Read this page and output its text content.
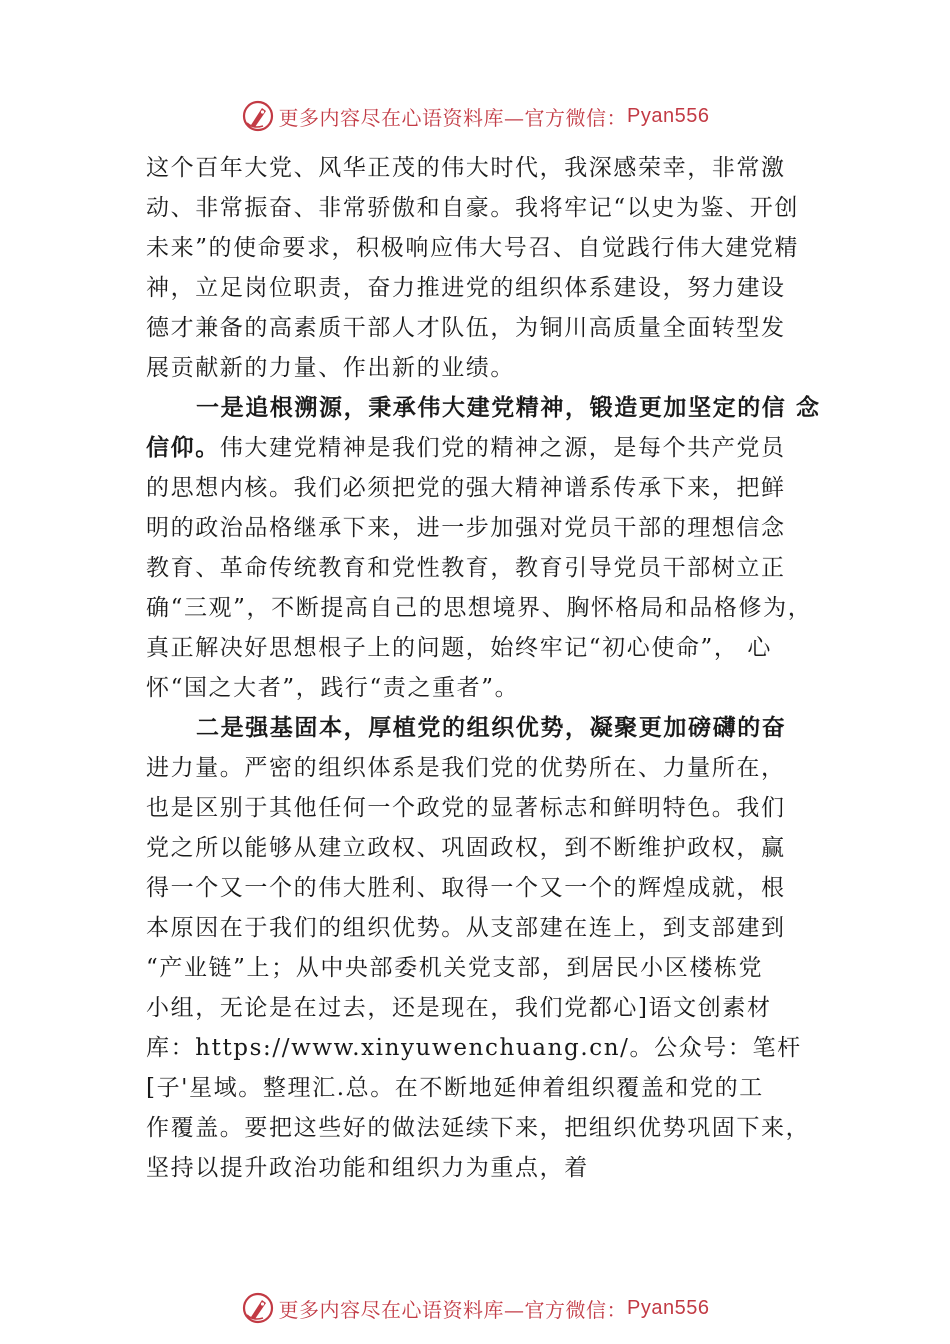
更多内容尽在心语资料库—官方微信： Pyan556
这个百年大党、风华正茂的伟大时代，我深感荣幸，非常激
动、非常振奋、非常骄傲和自豪。我将牢记“以史为鉴、开创
未来”的使命要求，积极响应伟大号召、自觉践行伟大建党精
神，立足岗位职责，奋力推进党的组织体系建设，努力建设
德才兼备的高素质干部人才队伍，为铜川高质量全面转型发
展贡献新的力量、作出新的业绩。
一是追根溯源，秉承伟大建党精神，锻造更加坚定的信 念
信仰。伟大建党精神是我们党的精神之源，是每个共产党员
的思想内核。我们必须把党的强大精神谱系传承下来，把鲜
明的政治品格继承下来，进一步加强对党员干部的理想信念
教育、革命传统教育和党性教育，教育引导党员干部树立正
确“三观”，不断提高自己的思想境界、胸怀格局和品格修为，
真正解决好思想根子上的问题，始终牢记“初心使命”， 心
怀“国之大者”，践行“责之重者”。
二是强基固本，厚植党的组织优势，凝聚更加磅礴的奋
进力量。严密的组织体系是我们党的优势所在、力量所在，
也是区别于其他任何一个政党的显著标志和鲜明特色。我们
党之所以能够从建立政权、巩固政权，到不断维护政权，赢
得一个又一个的伟大胜利、取得一个又一个的辉煌成就，根
本原因在于我们的组织优势。从支部建在连上，到支部建到
“产业链”上；从中央部委机关党支部，到居民小区楼栋党
小组，无论是在过去，还是现在，我们党都心]语文创素材
库：https://www.xinyuwenchuang.cn/。公众号：笔杆
[子'星域。整理汇.总。在不断地延伸着组织覆盖和党的工
作覆盖。要把这些好的做法延续下来，把组织优势巩固下来，
坚持以提升政治功能和组织力为重点，着
更多内容尽在心语资料库—官方微信： Pyan556
